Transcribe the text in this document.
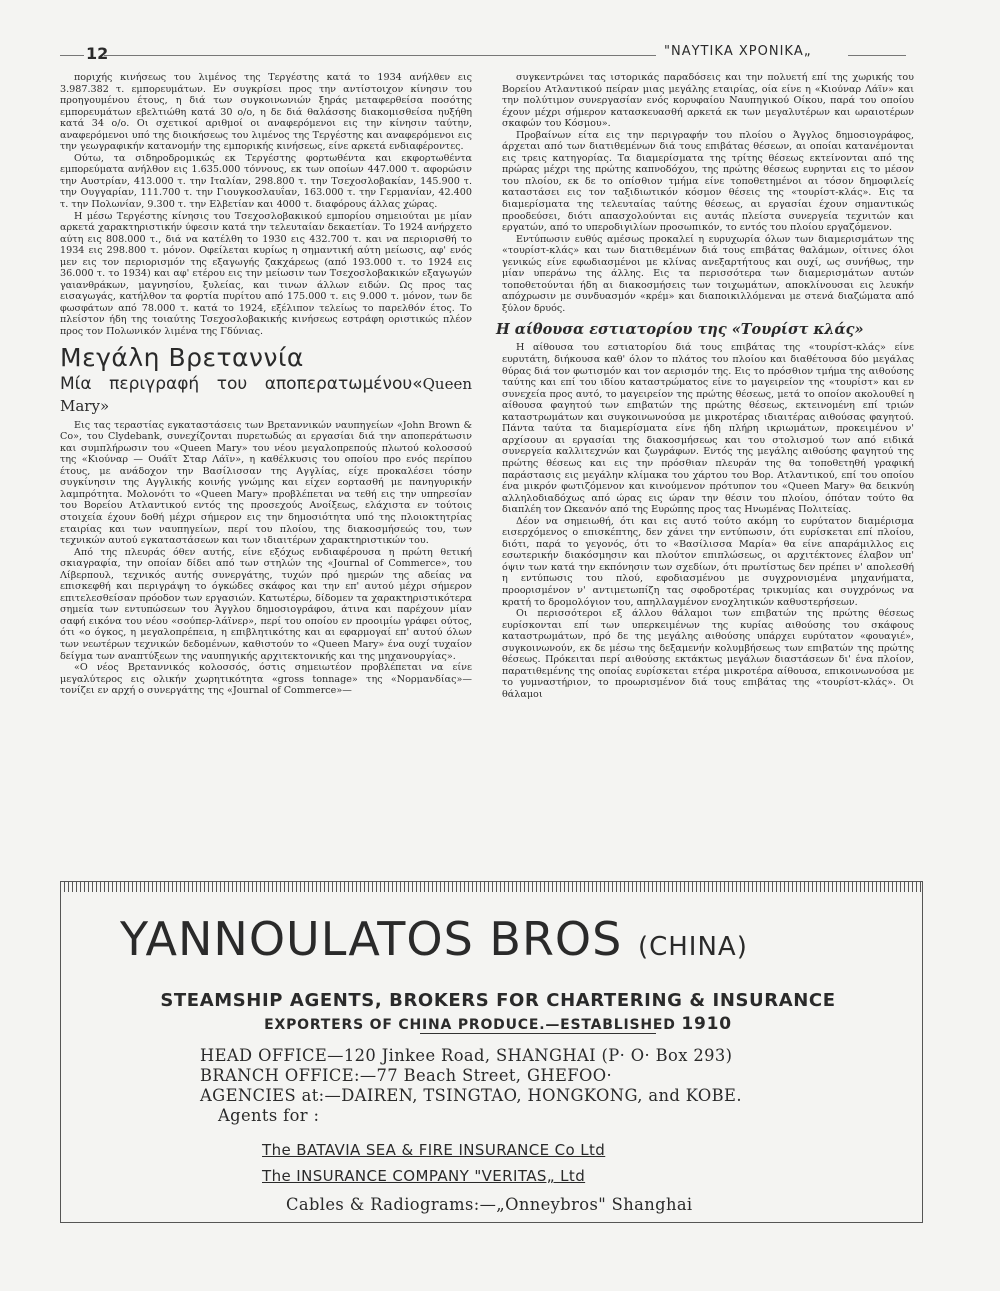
12	"ΝΑΥΤΙΚΑ ΧΡΟΝΙΚΑ„

ποριχής κινήσεως του λιμένος της Τεργέστης κατά το 1934 ανήλθεν εις 3.987.382 τ. εμπορευμάτων. Εν συγκρίσει προς την αντίστοιχον κίνησιν του προηγουμένου έτους, η διά των συγκοινωνιών ξηράς μεταφερθείσα ποσότης εμπορευμάτων εβελτιώθη κατά 30 ο/ο, η δε διά θαλάσσης διακομισθείσα ηυξήθη κατά 34 ο/ο. Οι σχετικοί αριθμοί οι αναφερόμενοι εις την κίνησιν ταύτην, αναφερόμενοι υπό της διοικήσεως του λιμένος της Τεργέστης και αναφερόμενοι εις την γεωγραφικήν κατανομήν της εμπορικής κινήσεως, είνε αρκετά ενδιαφέροντες.

Ούτω, τα σιδηροδρομικώς εκ Τεργέστης φορτωθέντα και εκφορτωθέντα εμπορεύματα ανήλθον εις 1.635.000 τόννους, εκ των οποίων 447.000 τ. αφορώσιν την Αυστρίαν, 413.000 τ. την Ιταλίαν, 298.800 τ. την Τσεχοσλοβακίαν, 145.900 τ. την Ουγγαρίαν, 111.700 τ. την Γιουγκοσλαυΐαν, 163.000 τ. την Γερμανίαν, 42.400 τ. την Πολωνίαν, 9.300 τ. την Ελβετίαν και 4000 τ. διαφόρους άλλας χώρας.

Η μέσω Τεργέστης κίνησις του Τσεχοσλοβακικού εμπορίου σημειούται με μίαν αρκετά χαρακτηριστικήν ύφεσιν κατά την τελευταίαν δεκαετίαν. Το 1924 ανήρχετο αύτη εις 808.000 τ., διά να κατέλθη το 1930 εις 432.700 τ. και να περιορισθή το 1934 εις 298.800 τ. μόνον. Οφείλεται κυρίως η σημαντική αύτη μείωσις, αφ' ενός μεν εις τον περιορισμόν της εξαγωγής ζακχάρεως (από 193.000 τ. το 1924 εις 36.000 τ. το 1934) και αφ' ετέρου εις την μείωσιν των Τσεχοσλοβακικών εξαγωγών γαιανθράκων, μαγνησίου, ξυλείας, και τινων άλλων ειδών. Ως προς τας εισαγωγάς, κατήλθον τα φορτία πυρίτου από 175.000 τ. εις 9.000 τ. μόνον, των δε φωσφάτων από 78.000 τ. κατά το 1924, εξέλιπον τελείως το παρελθόν έτος. Το πλείστον ήδη της τοιαύτης Τσεχοσλοβακικής κινήσεως εστράφη οριστικώς πλέον προς τον Πολωνικόν λιμένα της Γδύνιας.

Μεγάλη Βρεταννία
Μία περιγραφή του αποπερατωμένου«Queen Mary»

Εις τας τεραστίας εγκαταστάσεις των Βρεταννικών ναυπηγείων «John Brown & Co», του Clydebank, συνεχίζονται πυρετωδώς αι εργασίαι διά την αποπεράτωσιν και συμπλήρωσιν του «Queen Mary» του νέου μεγαλοπρεπούς πλωτού κολοσσού της «Κιούναρ — Ουάϊτ Σταρ Λάϊν», η καθέλκυσις του οποίου προ ενός περίπου έτους, με ανάδοχον την Βασίλισσαν της Αγγλίας, είχε προκαλέσει τόσην συγκίνησιν της Αγγλικής κοινής γνώμης και είχεν εορτασθή με πανηγυρικήν λαμπρότητα. Μολονότι το «Queen Mary» προβλέπεται να τεθή εις την υπηρεσίαν του Βορείου Ατλαντικού εντός της προσεχούς Ανοίξεως, ελάχιστα εν τούτοις στοιχεία έχουν δοθή μέχρι σήμερον εις την δημοσιότητα υπό της πλοιοκτητρίας εταιρίας και των ναυπηγείων, περί του πλοίου, της διακοσμήσεώς του, των τεχνικών αυτού εγκαταστάσεων και των ιδιαιτέρων χαρακτηριστικών του.

Από της πλευράς όθεν αυτής, είνε εξόχως ενδιαφέρουσα η πρώτη θετική σκιαγραφία, την οποίαν δίδει από των στηλών της «Journal of Commerce», του Λίβερπουλ, τεχνικός αυτής συνεργάτης, τυχών πρό ημερών της αδείας να επισκεφθή και περιγράψη το όγκώδες σκάφος και την επ' αυτού μέχρι σήμερον επιτελεσθείσαν πρόοδον των εργασιών. Κατωτέρω, δίδομεν τα χαρακτηριστικότερα σημεία των εντυπώσεων του Άγγλου δημοσιογράφου, άτινα και παρέχουν μίαν σαφή εικόνα του νέου «σούπερ-λάϊνερ», περί του οποίου εν προοιμίω γράφει ούτος, ότι «ο όγκος, η μεγαλοπρέπεια, η επιβλητικότης και αι εφαρμογαί επ' αυτού όλων των νεωτέρων τεχνικών δεδομένων, καθιστούν το «Queen Mary» ένα ουχί τυχαίον δείγμα των αναπτύξεων της ναυπηγικής αρχιτεκτονικής και της μηχανουργίας».

«Ο νέος Βρεταννικός κολοσσός, όστις σημειωτέον προβλέπεται να είνε μεγαλύτερος εις ολικήν χωρητικότητα «gross tonnage» της «Νορμανδίας»— τονίζει εν αρχή ο συνεργάτης της «Journal of Commerce»—

συγκεντρώνει τας ιστορικάς παραδόσεις και την πολυετή επί της χωρικής του Βορείου Ατλαντικού πείραν μιας μεγάλης εταιρίας, οία είνε η «Κιούναρ Λάϊν» και την πολύτιμον συνεργασίαν ενός κορυφαίου Ναυπηγικού Οίκου, παρά του οποίου έχουν μέχρι σήμερον κατασκευασθή αρκετά εκ των μεγαλυτέρων και ωραιοτέρων σκαφών του Κόσμου».

Προβαίνων είτα εις την περιγραφήν του πλοίου ο Άγγλος δημοσιογράφος, άρχεται από των διατιθεμένων διά τους επιβάτας θέσεων, αι οποίαι κατανέμονται εις τρεις κατηγορίας. Τα διαμερίσματα της τρίτης θέσεως εκτείνονται από της πρώρας μέχρι της πρώτης καπνοδόχου, της πρώτης θέσεως ευρηνται εις το μέσον του πλοίου, εκ δε το οπίσθιον τμήμα είνε τοποθετημένοι αι τόσον δημοφιλείς καταστάσει εις τον ταξιδιωτικόν κόσμον θέσεις της «τουρίστ-κλάς». Εις τα διαμερίσματα της τελευταίας ταύτης θέσεως, αι εργασίαι έχουν σημαντικώς προοδεύσει, διότι απασχολούνται εις αυτάς πλείστα συνεργεία τεχνιτών και εργατών, από το υπεροδιγιλίων προσωπικόν, το εντός του πλοίου εργαζόμενον.

Εντύπωσιν ευθύς αμέσως προκαλεί η ευρυχωρία όλων των διαμερισμάτων της «τουρίστ-κλάς» και των διατιθεμένων διά τους επιβάτας θαλάμων, οίτινες όλοι γενικώς είνε εφωδιασμένοι με κλίνας ανεξαρτήτους και ουχί, ως συνήθως, την μίαν υπεράνω της άλλης. Εις τα περισσότερα των διαμερισμάτων αυτών τοποθετούνται ήδη αι διακοσμήσεις των τοιχωμάτων, αποκλίνουσαι εις λευκήν απόχρωσιν με συνδυασμόν «κρέμ» και διαποικιλλόμεναι με στενά διαζώματα από ξύλον δρυός.

Η αίθουσα εστιατορίου της «Τουρίστ κλάς»

Η αίθουσα του εστιατορίου διά τους επιβάτας της «τουρίστ-κλάς» είνε ευρυτάτη, διήκουσα καθ' όλον το πλάτος του πλοίου και διαθέτουσα δύο μεγάλας θύρας διά τον φωτισμόν και τον αερισμόν της. Εις το πρόσθιον τμήμα της αιθούσης ταύτης και επί του ιδίου καταστρώματος είνε το μαγειρείον της «τουρίστ» και εν συνεχεία προς αυτό, το μαγειρείον της πρώτης θέσεως, μετά το οποίον ακολουθεί η αίθουσα φαγητού των επιβατών της πρώτης θέσεως, εκτεινομένη επί τριών καταστρωμάτων και συγκοινωνούσα με μικροτέρας ιδιαιτέρας αιθούσας φαγητού. Πάντα ταύτα τα διαμερίσματα είνε ήδη πλήρη ικριωμάτων, προκειμένου ν' αρχίσουν αι εργασίαι της διακοσμήσεως και του στολισμού των από ειδικά συνεργεία καλλιτεχνών και ζωγράφων. Εντός της μεγάλης αιθούσης φαγητού της πρώτης θέσεως και εις την πρόσθιαν πλευράν της θα τοποθετηθή γραφική παράστασις εις μεγάλην κλίμακα του χάρτου του Βορ. Ατλαντικού, επί του οποίου ένα μικρόν φωτιζόμενον και κινούμενον πρότυπον του «Queen Mary» θα δεικνύη αλληλοδιαδόχως από ώρας εις ώραν την θέσιν του πλοίου, όπόταν τούτο θα διαπλέη τον Ωκεανόν από της Ευρώπης προς τας Ηνωμένας Πολιτείας.

Δέον να σημειωθή, ότι και εις αυτό τούτο ακόμη το ευρύτατον διαμέρισμα εισερχόμενος ο επισκέπτης, δεν χάνει την εντύπωσιν, ότι ευρίσκεται επί πλοίου, διότι, παρά το γεγονός, ότι το «Βασίλισσα Μαρία» θα είνε απαράμιλλος εις εσωτερικήν διακόσμησιν και πλούτον επιπλώσεως, οι αρχιτέκτονες έλαβον υπ' όψιν των κατά την εκπόνησιν των σχεδίων, ότι πρωτίστως δεν πρέπει ν' απολεσθή η εντύπωσις του πλού, εφοδιασμένου με συγχρονισμένα μηχανήματα, προορισμένον ν' αντιμετωπίζη τας σφοδροτέρας τρικυμίας και συγχρόνως να κρατή το δρομολόγιον του, απηλλαγμένον ενοχλητικών καθυστερήσεων.

Οι περισσότεροι εξ άλλου θάλαμοι των επιβατών της πρώτης θέσεως ευρίσκονται επί των υπερκειμένων της κυρίας αιθούσης του σκάφους καταστρωμάτων, πρό δε της μεγάλης αιθούσης υπάρχει ευρύτατον «φουαγιέ», συγκοινωνούν, εκ δε μέσω της δεξαμενήν κολυμβήσεως των επιβατών της πρώτης θέσεως. Πρόκειται περί αιθούσης εκτάκτως μεγάλων διαστάσεων δι' ένα πλοίον, παρατιθεμένης της οποίας ευρίσκεται ετέρα μικροτέρα αίθουσα, επικοινωνούσα με το γυμναστήριον, το προωρισμένον διά τους επιβάτας της «τουρίστ-κλάς». Οι θάλαμοι

YANNOULATOS BROS (CHINA)
STEAMSHIP AGENTS, BROKERS FOR CHARTERING & INSURANCE
EXPORTERS OF CHINA PRODUCE.—ESTABLISHED 1910
HEAD OFFICE—120 Jinkee Road, SHANGHAI (P· O· Box 293)
BRANCH OFFICE:—77 Beach Street, GHEFOO·
AGENCIES at:—DAIREN, TSINGTAO, HONGKONG, and KOBE.
Agents for :
The BATAVIA SEA & FIRE INSURANCE Co Ltd
The INSURANCE COMPANY "VERITAS„ Ltd
Cables & Radiograms:—„Onneybros" Shanghai
